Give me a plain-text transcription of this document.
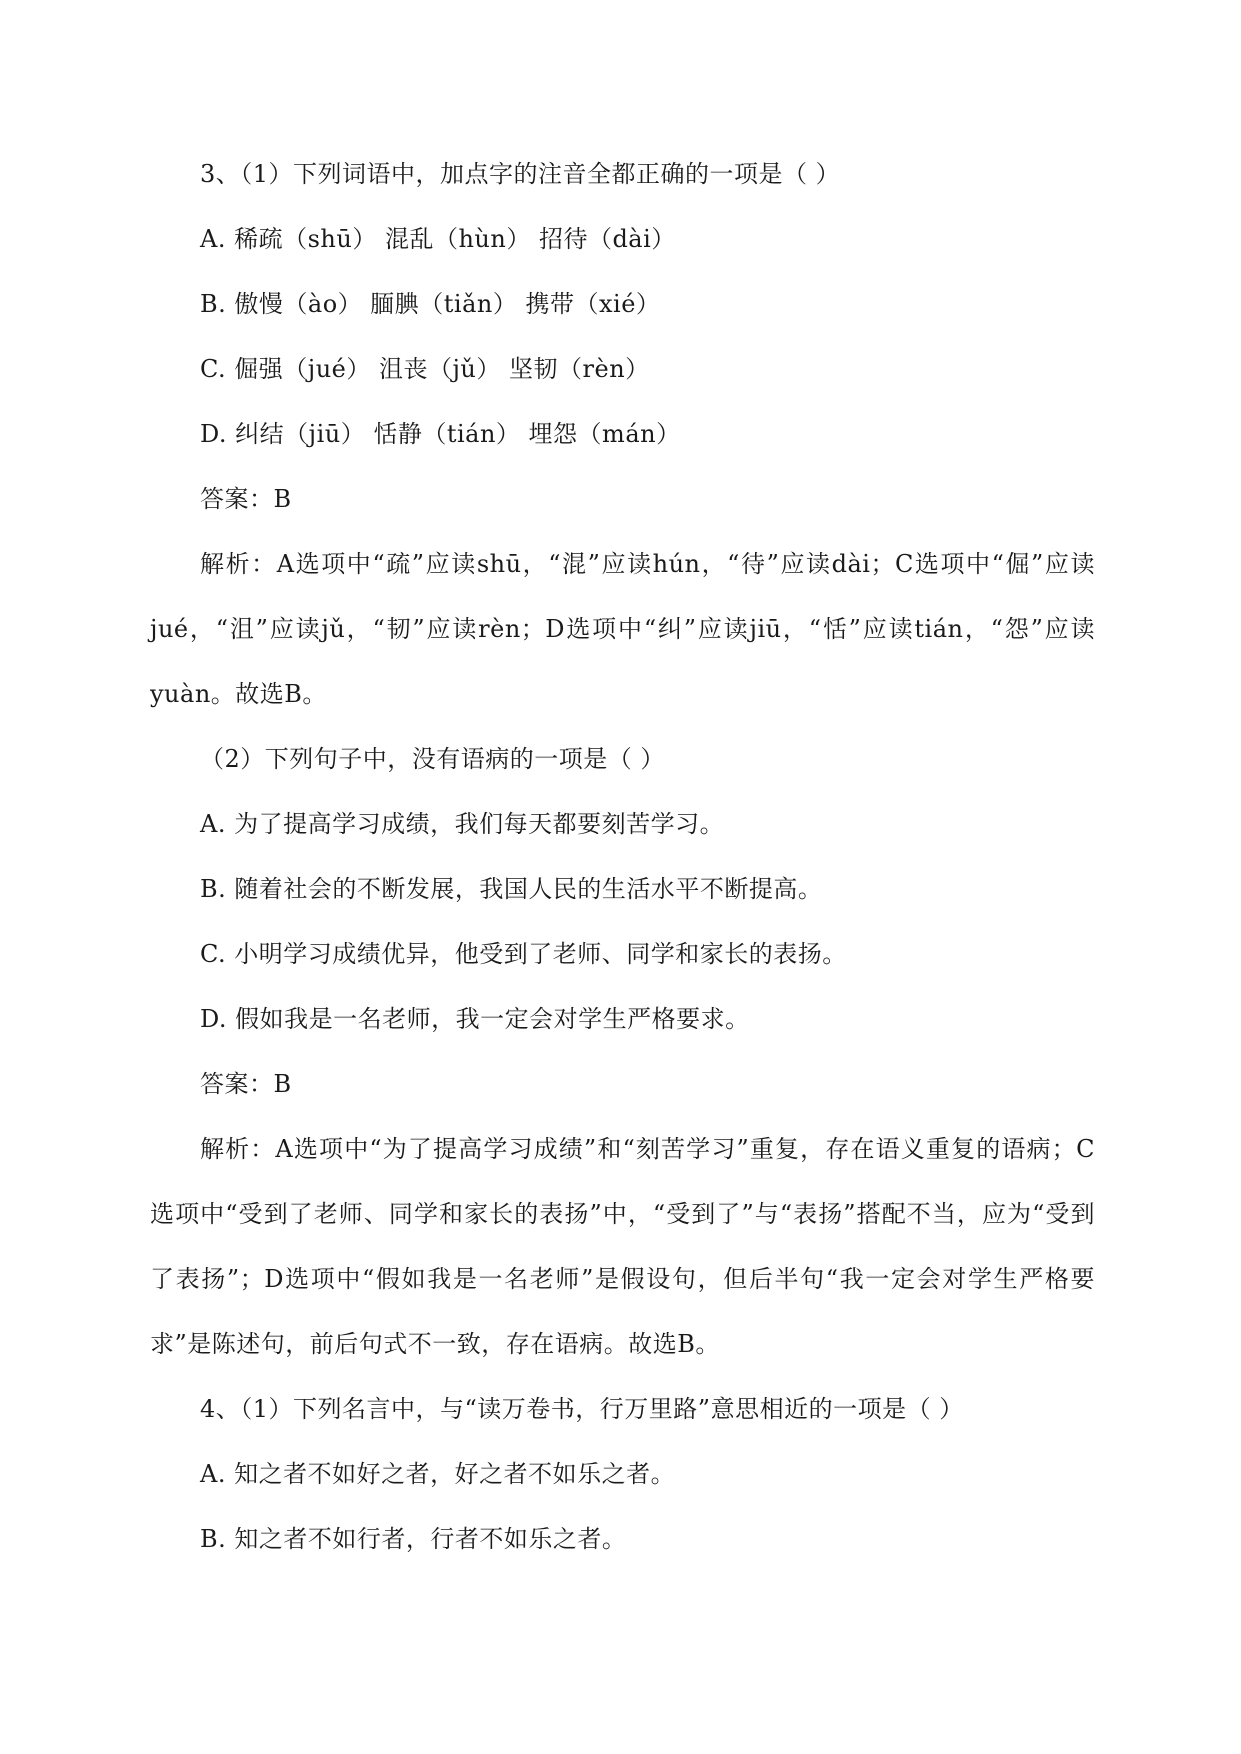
3、（1）下列词语中，加点字的注音全都正确的一项是（ ）

A. 稀疏（shū） 混乱（hùn） 招待（dài）

B. 傲慢（ào） 腼腆（tiǎn） 携带（xié）

C. 倔强（jué） 沮丧（jǔ） 坚韧（rèn）

D. 纠结（jiū） 恬静（tián） 埋怨（mán）

答案：B

解析：A选项中“疏”应读shū，“混”应读hún，“待”应读dài；C选项中“倔”应读jué，“沮”应读jǔ，“韧”应读rèn；D选项中“纠”应读jiū，“恬”应读tián，“怨”应读yuàn。故选B。

（2）下列句子中，没有语病的一项是（ ）

A. 为了提高学习成绩，我们每天都要刻苦学习。

B. 随着社会的不断发展，我国人民的生活水平不断提高。

C. 小明学习成绩优异，他受到了老师、同学和家长的表扬。

D. 假如我是一名老师，我一定会对学生严格要求。

答案：B

解析：A选项中“为了提高学习成绩”和“刻苦学习”重复，存在语义重复的语病；C选项中“受到了老师、同学和家长的表扬”中，“受到了”与“表扬”搭配不当，应为“受到了表扬”；D选项中“假如我是一名老师”是假设句，但后半句“我一定会对学生严格要求”是陈述句，前后句式不一致，存在语病。故选B。

4、（1）下列名言中，与“读万卷书，行万里路”意思相近的一项是（ ）

A. 知之者不如好之者，好之者不如乐之者。

B. 知之者不如行者，行者不如乐之者。
